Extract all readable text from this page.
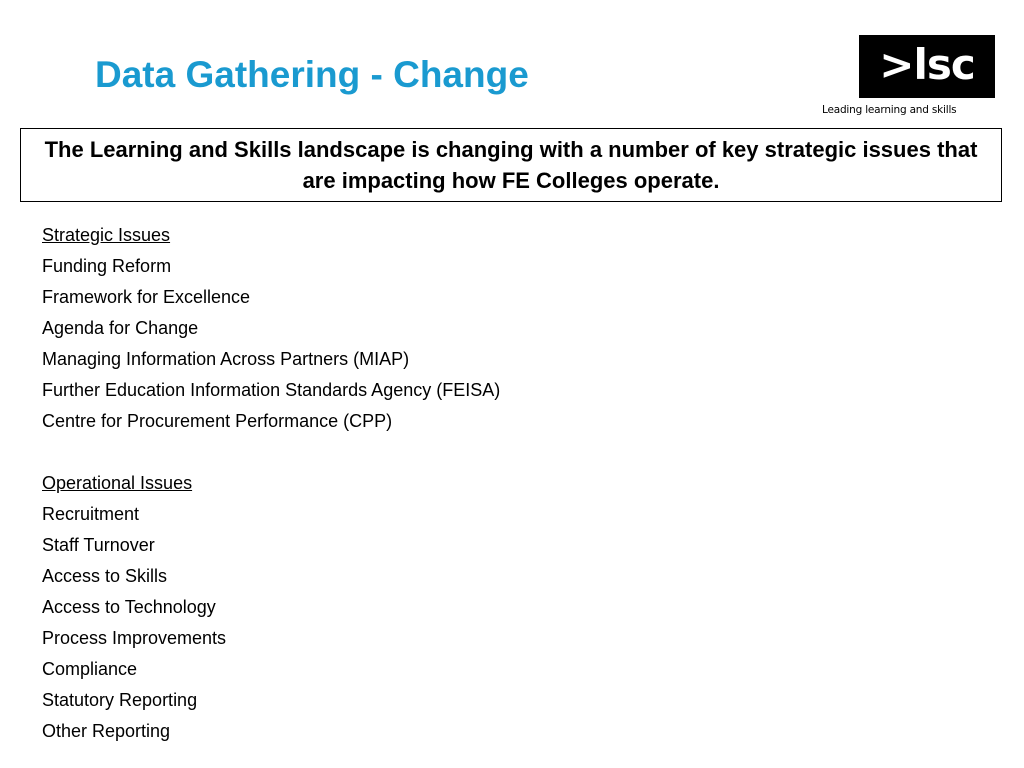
Data Gathering - Change	>lsc
Leading learning and skills

The Learning and Skills landscape is changing with a number of key strategic issues that are impacting how FE Colleges operate.

Strategic Issues
Funding Reform
Framework for Excellence
Agenda for Change
Managing Information Across Partners (MIAP)
Further Education Information Standards Agency (FEISA)
Centre for Procurement Performance (CPP)
Operational Issues
Recruitment
Staff Turnover
Access to Skills
Access to Technology
Process Improvements
Compliance
Statutory Reporting
Other Reporting
